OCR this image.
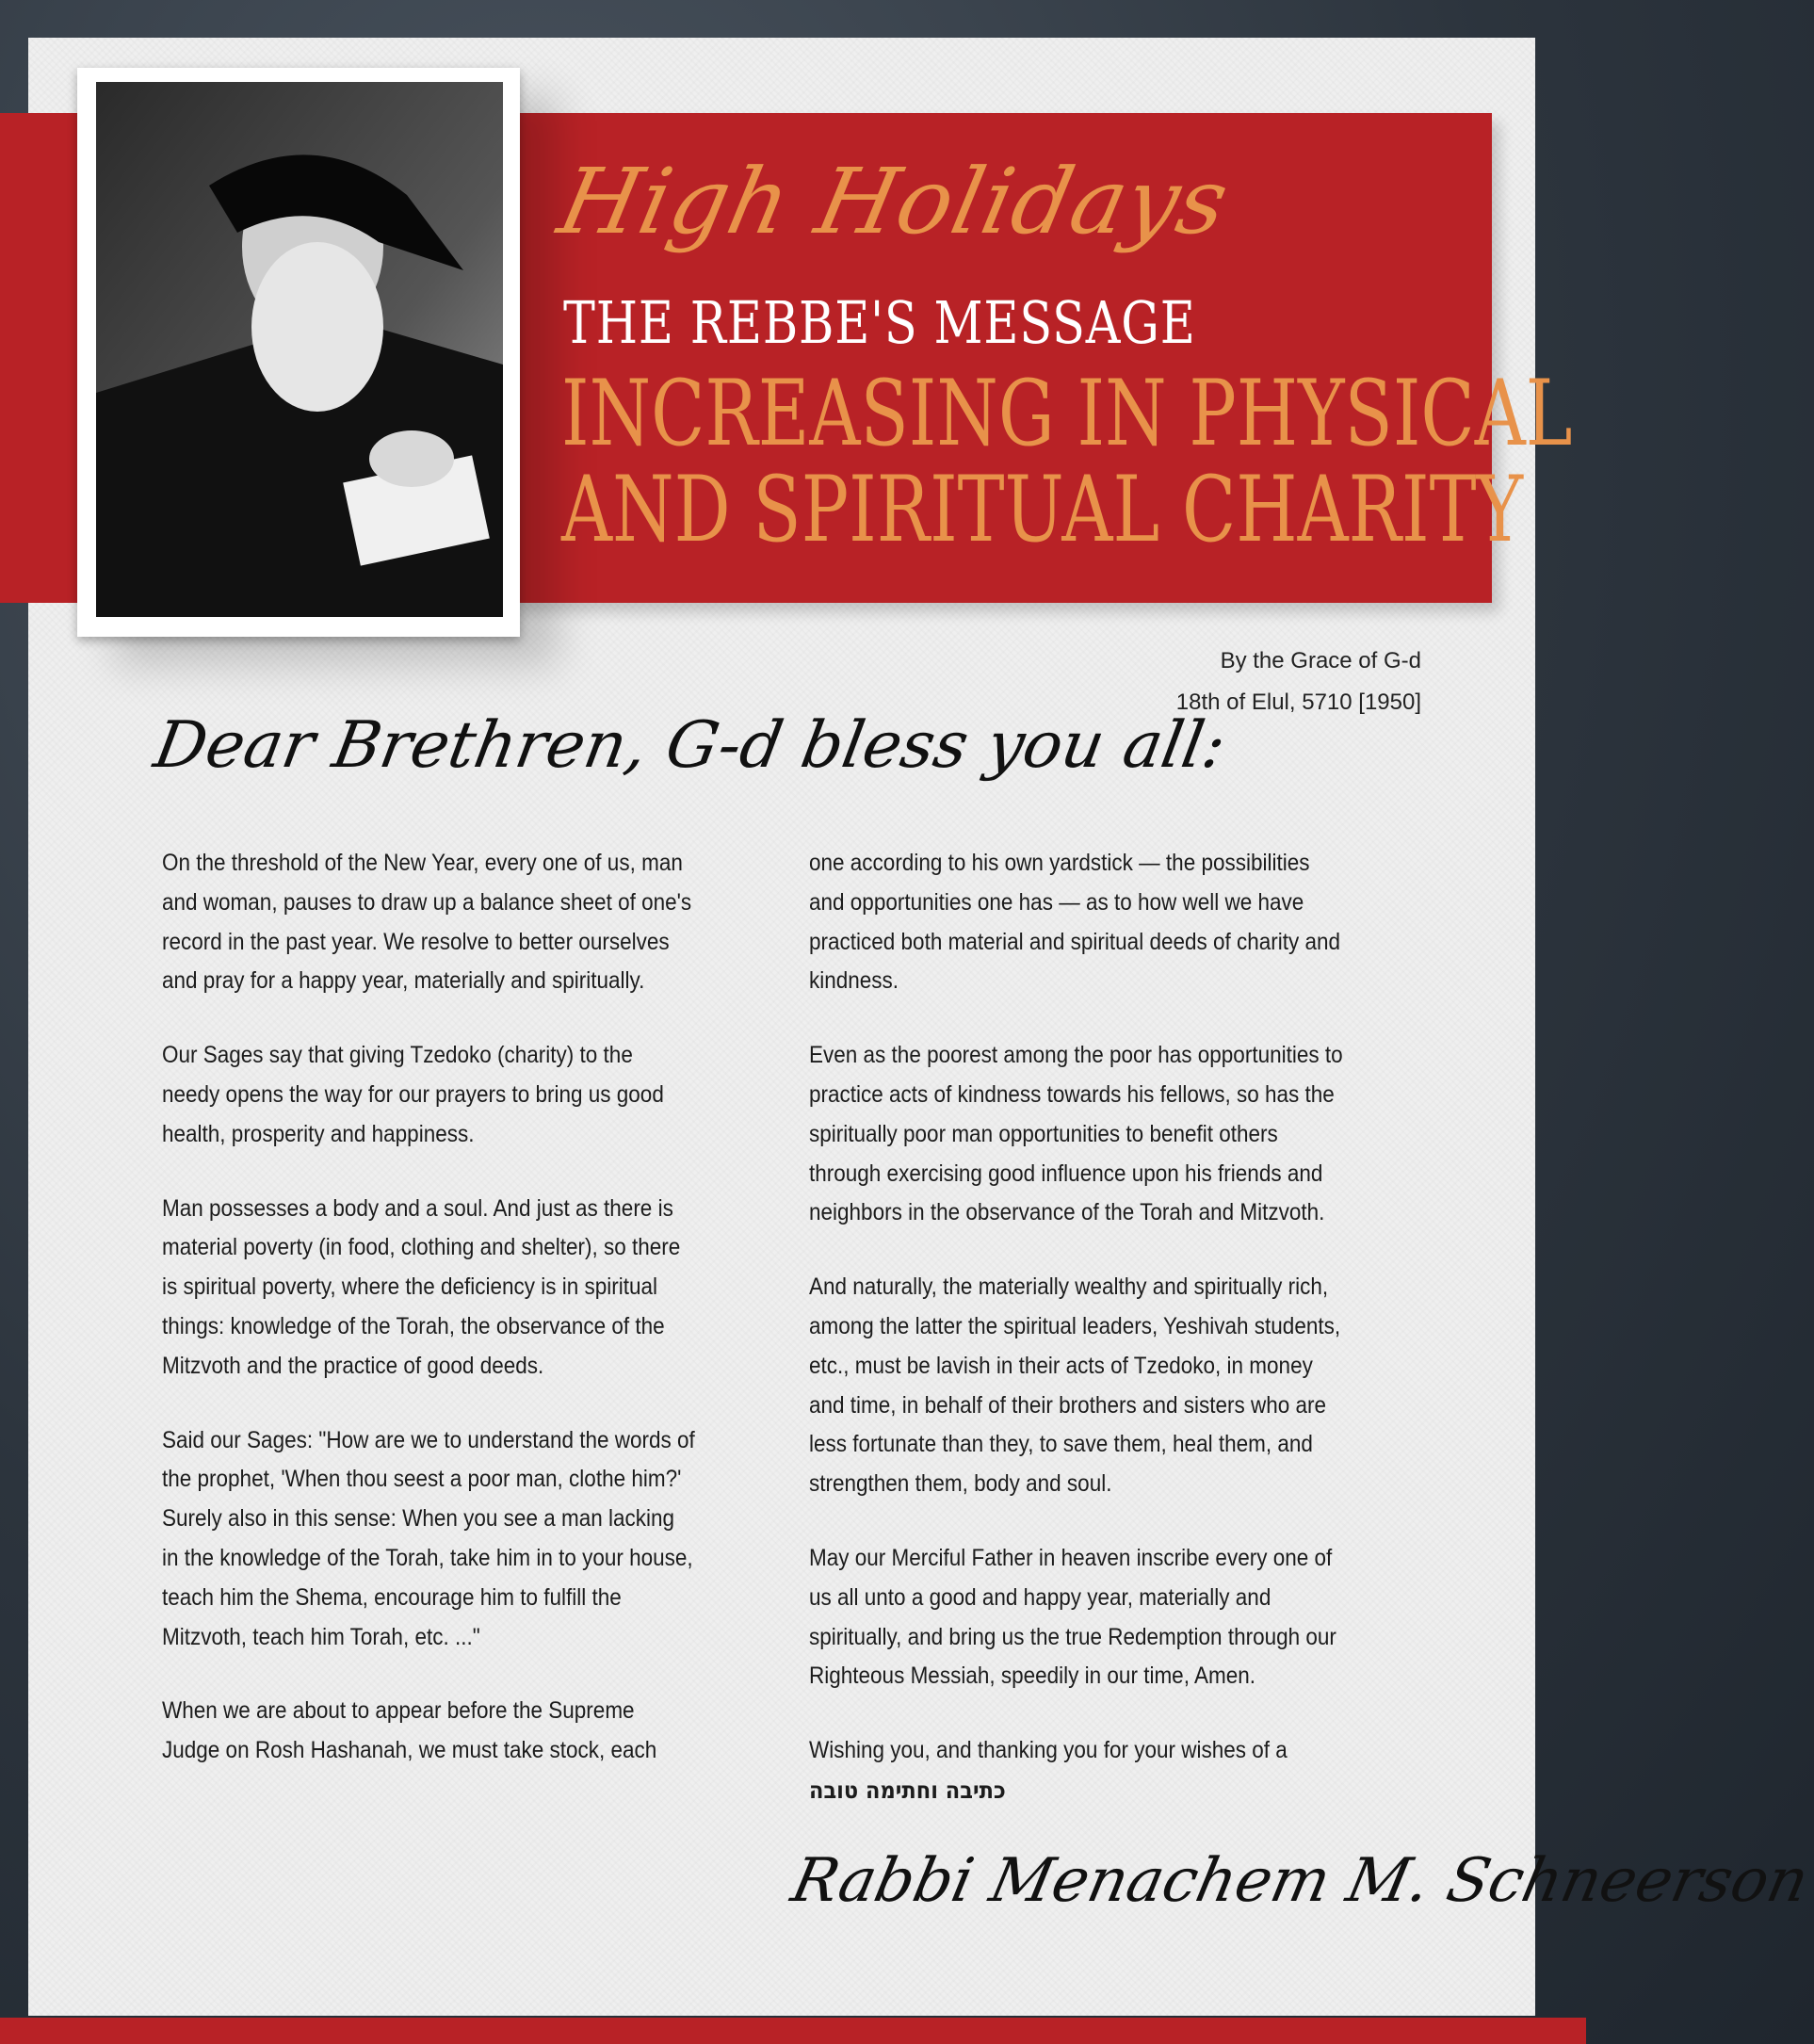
High Holidays
THE REBBE'S MESSAGE
INCREASING IN PHYSICAL
AND SPIRITUAL CHARITY
By the Grace of G-d
18th of Elul, 5710 [1950]
Dear Brethren, G-d bless you all:

On the threshold of the New Year, every one of us, man and woman, pauses to draw up a balance sheet of one's record in the past year. We resolve to better ourselves and pray for a happy year, materially and spiritually.

Our Sages say that giving Tzedoko (charity) to the needy opens the way for our prayers to bring us good health, prosperity and happiness.

Man possesses a body and a soul. And just as there is material poverty (in food, clothing and shelter), so there is spiritual poverty, where the deficiency is in spiritual things: knowledge of the Torah, the observance of the Mitzvoth and the practice of good deeds.

Said our Sages: "How are we to understand the words of the prophet, 'When thou seest a poor man, clothe him?' Surely also in this sense: When you see a man lacking in the knowledge of the Torah, take him in to your house, teach him the Shema, encourage him to fulfill the Mitzvoth, teach him Torah, etc. ..."

When we are about to appear before the Supreme Judge on Rosh Hashanah, we must take stock, each

one according to his own yardstick — the possibilities and opportunities one has — as to how well we have practiced both material and spiritual deeds of charity and kindness.

Even as the poorest among the poor has opportunities to practice acts of kindness towards his fellows, so has the spiritually poor man opportunities to benefit others through exercising good influence upon his friends and neighbors in the observance of the Torah and Mitzvoth.

And naturally, the materially wealthy and spiritually rich, among the latter the spiritual leaders, Yeshivah students, etc., must be lavish in their acts of Tzedoko, in money and time, in behalf of their brothers and sisters who are less fortunate than they, to save them, heal them, and strengthen them, body and soul.

May our Merciful Father in heaven inscribe every one of us all unto a good and happy year, materially and spiritually, and bring us the true Redemption through our Righteous Messiah, speedily in our time, Amen.

Wishing you, and thanking you for your wishes of a
כתיבה וחתימה טובה

Rabbi Menachem M. Schneerson
